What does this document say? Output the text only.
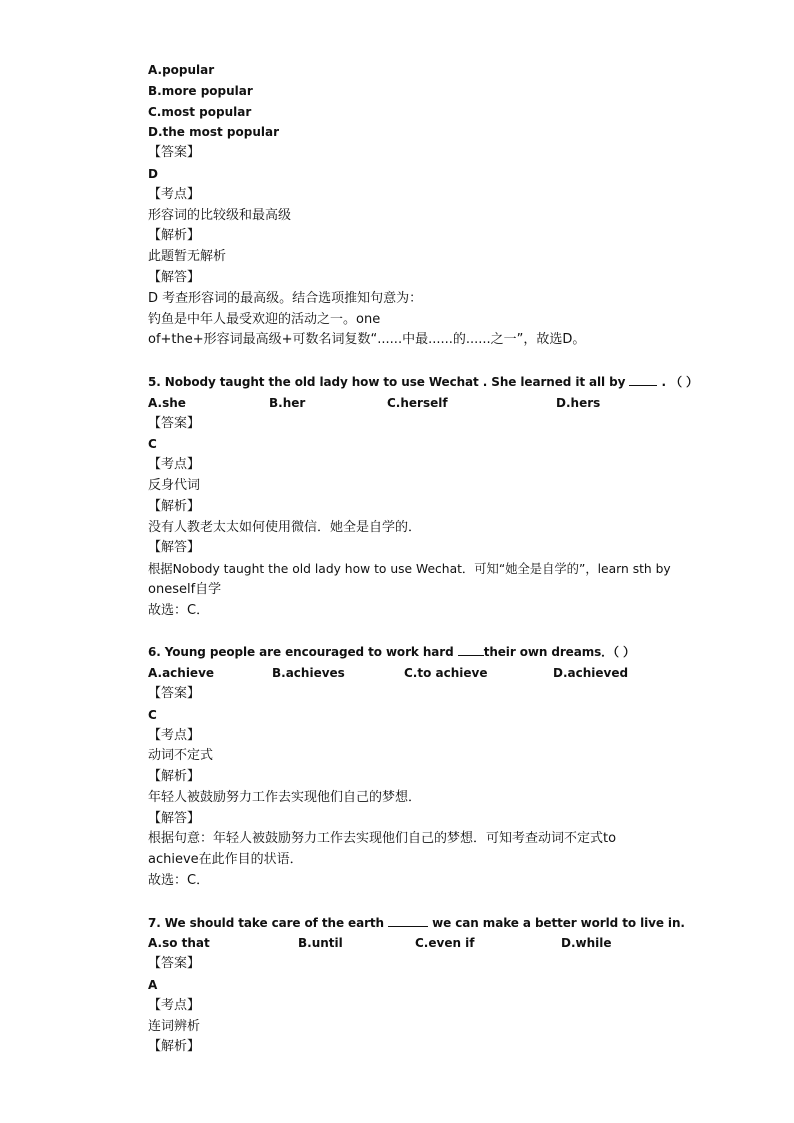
A.popular
B.more popular
C.most popular
D.the most popular
【答案】
D
【考点】
形容词的比较级和最高级
【解析】
此题暂无解析
【解答】
D 考查形容词的最高级。结合选项推知句意为：
钓鱼是中年人最受欢迎的活动之一。one
of+the+形容词最高级+可数名词复数“......中最......的......之一”，故选D。
5. Nobody taught the old lady how to use Wechat . She learned it all by  . （ ）
A.she	B.her	C.herself	D.hers
【答案】
C
【考点】
反身代词
【解析】
没有人教老太太如何使用微信．她全是自学的．
【解答】
根据Nobody taught the old lady how to use Wechat．可知“她全是自学的”，learn sth by
oneself自学
故选：C．
6. Young people are encouraged to work hard their own dreams．（ ）
A.achieve	B.achieves	C.to achieve	D.achieved
【答案】
C
【考点】
动词不定式
【解析】
年轻人被鼓励努力工作去实现他们自己的梦想．
【解答】
根据句意：年轻人被鼓励努力工作去实现他们自己的梦想．可知考查动词不定式to
achieve在此作目的状语．
故选：C．
7. We should take care of the earth	we can make a better world to live in.
A.so that	B.until	C.even if	D.while
【答案】
A
【考点】
连词辨析
【解析】
